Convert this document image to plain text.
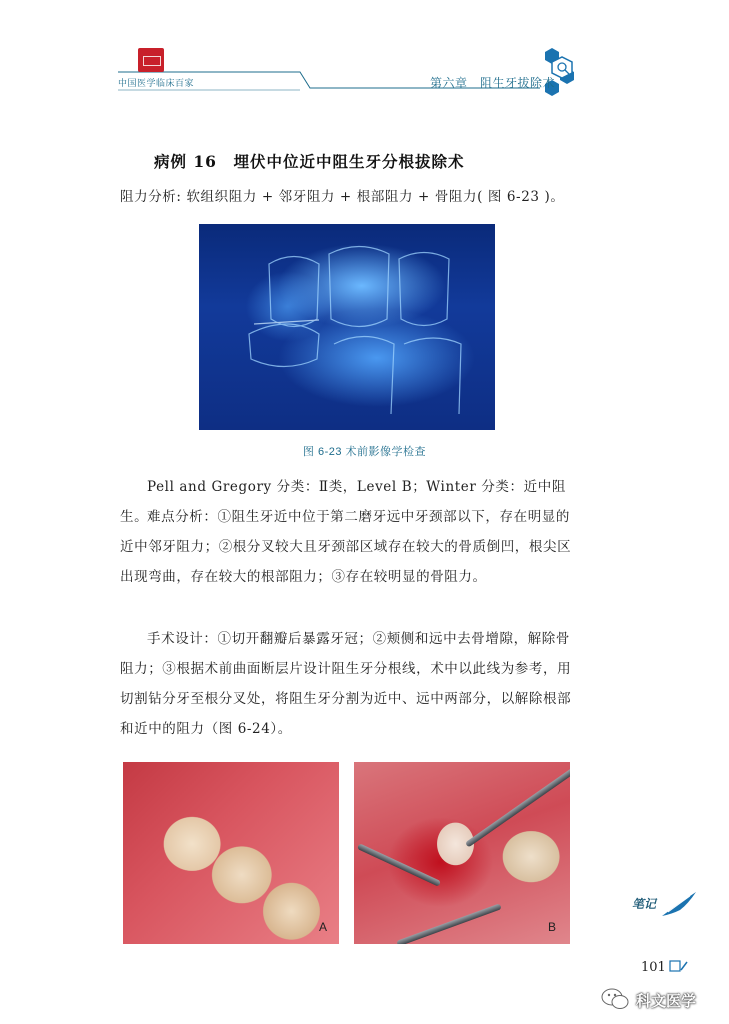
中国医学临床百家	第六章　阻生牙拔除术
病例 16　埋伏中位近中阻生牙分根拔除术

阻力分析: 软组织阻力 + 邻牙阻力 + 根部阻力 + 骨阻力( 图 6-23 )。

图 6-23 术前影像学检查

Pell and Gregory 分类：Ⅱ类，Level B；Winter 分类：近中阻生。

难点分析：①阻生牙近中位于第二磨牙远中牙颈部以下，存在明显的近中邻牙阻力；②根分叉较大且牙颈部区域存在较大的骨质倒凹，根尖区出现弯曲，存在较大的根部阻力；③存在较明显的骨阻力。

手术设计：①切开翻瓣后暴露牙冠；②颊侧和远中去骨增隙，解除骨阻力；③根据术前曲面断层片设计阻生牙分根线，术中以此线为参考，用切割钻分牙至根分叉处，将阻生牙分割为近中、远中两部分，以解除根部和近中的阻力（图 6-24）。

A	B
笔记
101
科文医学
